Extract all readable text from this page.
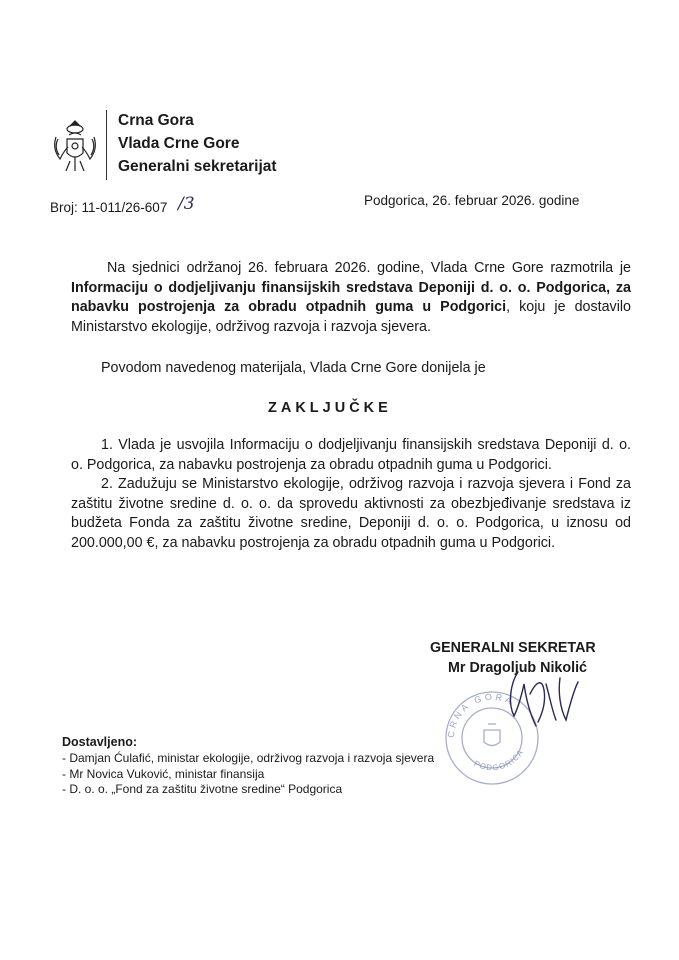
Crna Gora
Vlada Crne Gore
Generalni sekretarijat
Broj: 11-011/26-607 /3	Podgorica, 26. februar 2026. godine
Na sjednici održanoj 26. februara 2026. godine, Vlada Crne Gore razmotrila je Informaciju o dodjeljivanju finansijskih sredstava Deponiji d. o. o. Podgorica, za nabavku postrojenja za obradu otpadnih guma u Podgorici, koju je dostavilo Ministarstvo ekologije, održivog razvoja i razvoja sjevera.
Povodom navedenog materijala, Vlada Crne Gore donijela je
ZAKLJUČKE
1. Vlada je usvojila Informaciju o dodjeljivanju finansijskih sredstava Deponiji d. o. o. Podgorica, za nabavku postrojenja za obradu otpadnih guma u Podgorici.
2. Zadužuju se Ministarstvo ekologije, održivog razvoja i razvoja sjevera i Fond za zaštitu životne sredine d. o. o. da sprovedu aktivnosti za obezbjeđivanje sredstava iz budžeta Fonda za zaštitu životne sredine, Deponiji d. o. o. Podgorica, u iznosu od 200.000,00 €, za nabavku postrojenja za obradu otpadnih guma u Podgorici.
GENERALNI SEKRETAR
Mr Dragoljub Nikolić
CRNA GORA
PODGORICA
Dostavljeno:
- Damjan Ćulafić, ministar ekologije, održivog razvoja i razvoja sjevera
- Mr Novica Vuković, ministar finansija
- D. o. o. „Fond za zaštitu životne sredine“ Podgorica
